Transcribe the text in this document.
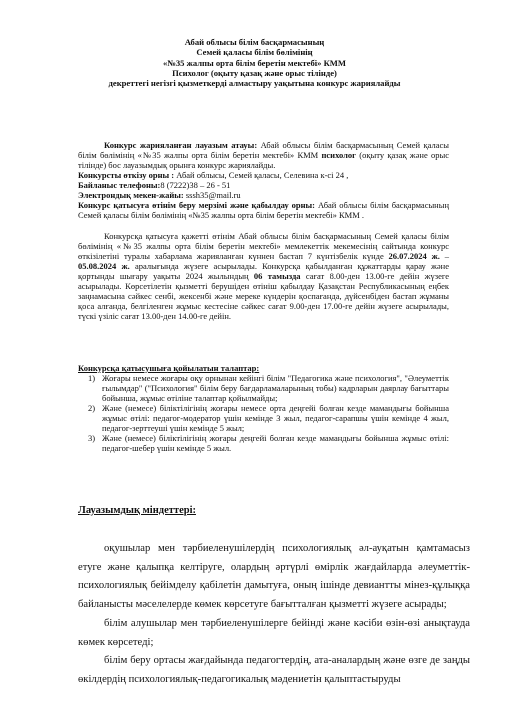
Абай облысы білім басқармасының
Семей қаласы білім бөлімінің
«№35 жалпы орта білім беретін мектебі» КММ
Психолог (оқыту қазақ және орыс тілінде)
декреттегі негізгі қызметкерді алмастыру уақытына конкурс жариялайды

Конкурс жарияланған лауазым атауы: Абай облысы білім басқармасының Семей қаласы білім бөлімінің «№35 жалпы орта білім беретін мектебі» КММ психолог (оқыту қазақ және орыс тілінде) бос лауазымдық орынға конкурс жариялайды.

Конкурсты өткізу орны : Абай облысы, Семей қаласы, Селевина к-сі 24 ,

Байланыс телефоны:8 (7222)38 – 26 - 51

Электрондық мекен-жайы: sssh35@mail.ru

Конкурс қатысуға өтінім беру мерзімі және қабылдау орны: Абай облысы білім басқармасының Семей қаласы білім бөлімінің «№35 жалпы орта білім беретін мектебі» КММ .

Конкурсқа қатысуға қажетті өтінім Абай облысы білім басқармасының Семей қаласы білім бөлімінің «№35 жалпы орта білім беретін мектебі» мемлекеттік мекемесінің сайтында конкурс өткізілетіні туралы хабарлама жарияланған күннен бастап 7 күнтізбелік күнде 26.07.2024 ж. – 05.08.2024 ж. аралығында жүзеге асырылады. Конкурсқа қабылданған құжаттарды қарау және қортынды шығару уақыты 2024 жылындың 06 тамызда сағат 8.00-ден 13.00-ге дейін жүзеге асырылады. Көрсетілетін қызметті берушіден өтініш қабылдау Қазақстан Республикасының еңбек заңнамасына сәйкес сенбі, жексенбі және мереке күндерін қоспағанда, дүйсенбіден бастап жұманы қоса алғанда, белгіленген жұмыс кестесіне сәйкес сағат 9.00-ден 17.00-ге дейін жүзеге асырылады, түскі үзіліс сағат 13.00-ден 14.00-ге дейін.

Конкурсқа қатысушыға қойылатын талаптар:

1) Жоғары немесе жоғары оқу орнынан кейінгі білім "Педагогика және психология", "Әлеуметтік ғылымдар" ("Психология" білім беру бағдарламаларының тобы) кадрларын даярлау бағыттары бойынша, жұмыс өтіліне талаптар қойылмайды;
2) Және (немесе) біліктілігінің жоғары немесе орта деңгейі болған кезде мамандығы бойынша жұмыс өтілі: педагог-модератор үшін кемінде 3 жыл, педагог-сарапшы үшін кемінде 4 жыл, педагог-зерттеуші үшін кемінде 5 жыл;
3) Және (немесе) біліктілігінің жоғары деңгейі болған кезде мамандығы бойынша жұмыс өтілі: педагог-шебер үшін кемінде 5 жыл.
Лауазымдық міндеттері:

оқушылар мен тәрбиеленушілердің психологиялық әл-ауқатын қамтамасыз етуге және қалыпқа келтіруге, олардың әртүрлі өмірлік жағдайларда әлеуметтік-психологиялық бейімделу қабілетін дамытуға, оның ішінде девиантты мінез-құлыққа байланысты мәселелерде көмек көрсетуге бағытталған қызметті жүзеге асырады;

білім алушылар мен тәрбиеленушілерге бейінді және кәсіби өзін-өзі анықтауда көмек көрсетеді;

білім беру ортасы жағдайында педагогтердің, ата-аналардың және өзге де заңды өкілдердің психологиялық-педагогикалық мәдениетін қалыптастыруды
